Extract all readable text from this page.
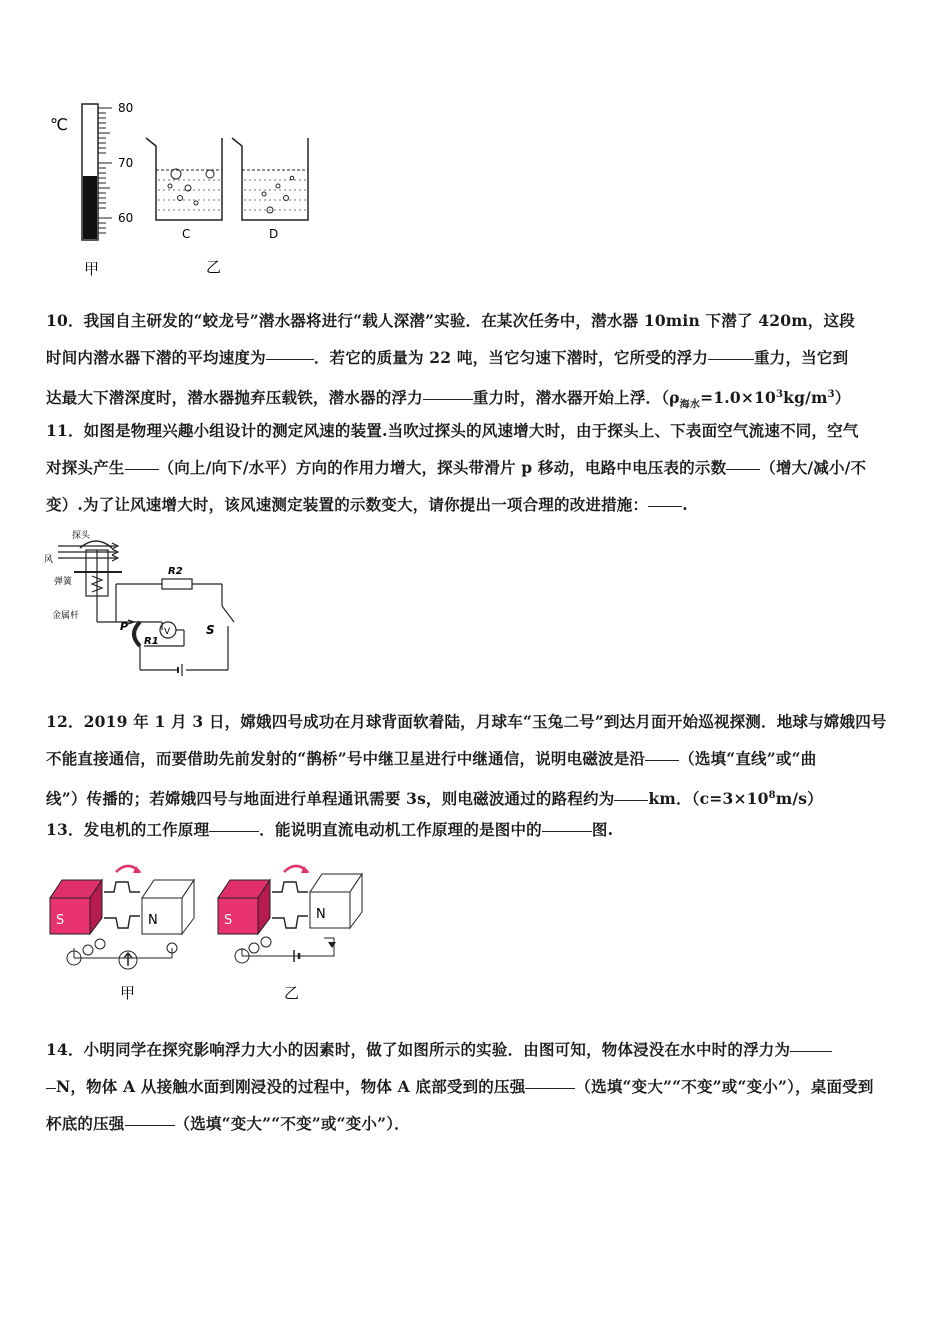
℃
80
70
60
C	D
甲	乙
10．我国自主研发的“蛟龙号”潜水器将进行“载人深潜”实验．在某次任务中，潜水器 10min 下潜了 420m，这段
时间内潜水器下潜的平均速度为	．若它的质量为 22 吨，当它匀速下潜时，它所受的浮力	重力，当它到
达最大下潜深度时，潜水器抛弃压载铁，潜水器的浮力	重力时，潜水器开始上浮．$(\rho_{海水}=1.0\times 10^3kg/m^3)$
11．如图是物理兴趣小组设计的测定风速的装置.当吹过探头的风速增大时，由于探头上、下表面空气流速不同，空气
对探头产生 （向上/向下/水平）方向的作用力增大，探头带滑片 p 移动，电路中电压表的示数 （增大/减小/不
变）.为了让风速增大时，该风速测定装置的示数变大，请你提出一项合理的改进措施： .
探头
风
弹簧
金属杆
R2
P
R1
V	S
12．2019 年 1 月 3 日，嫦娥四号成功在月球背面软着陆，月球车“玉兔二号”到达月面开始巡视探测．地球与嫦娥四号
不能直接通信，而要借助先前发射的“鹊桥”号中继卫星进行中继通信，说明电磁波是沿 （选填“直线”或“曲
线”）传播的；若嫦娥四号与地面进行单程通讯需要 3s，则电磁波通过的路程约为 km．$(c=3\times 10^8m/s)$
13．发电机的工作原理	．能说明直流电动机工作原理的是图中的	图.
S	N
甲
S	N
乙
14．小明同学在探究影响浮力大小的因素时，做了如图所示的实验．由图可知，物体浸没在水中时的浮力为
N，物体 A 从接触水面到刚浸没的过程中，物体 A 底部受到的压强	（选填“变大”“不变”或“变小”），桌面受到
杯底的压强	（选填“变大”“不变”或“变小”）．
